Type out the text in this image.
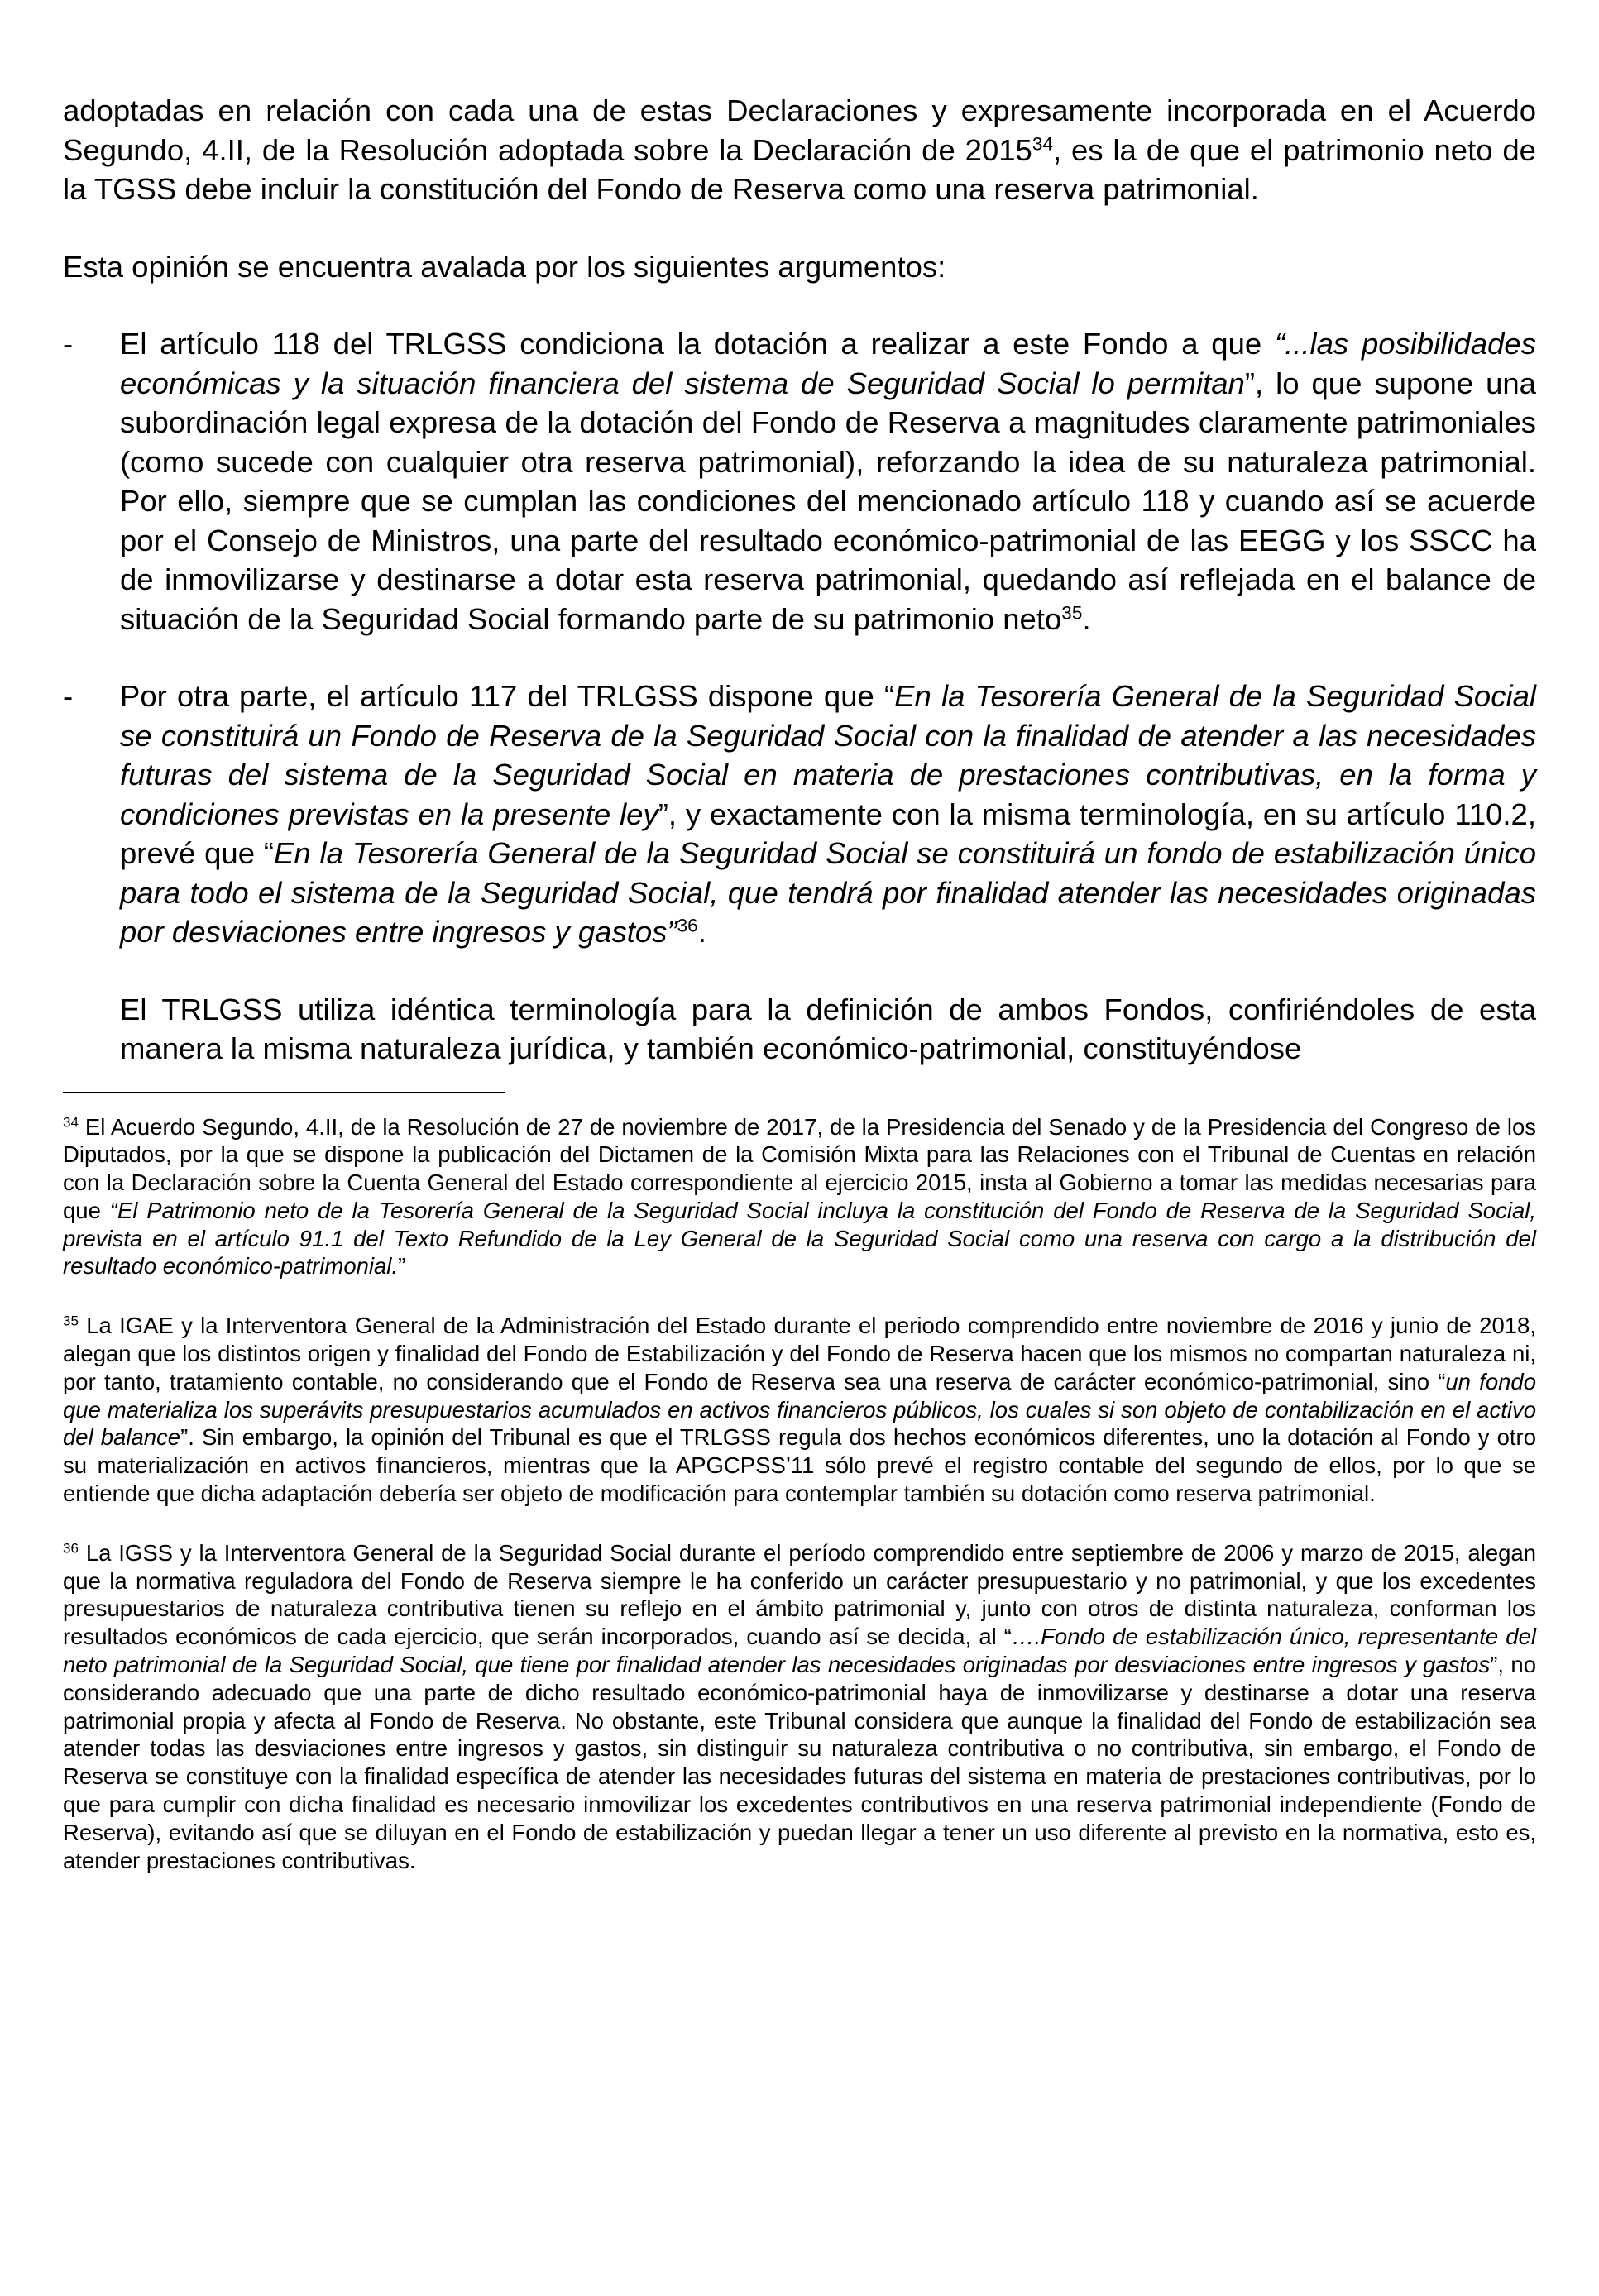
adoptadas en relación con cada una de estas Declaraciones y expresamente incorporada en el Acuerdo Segundo, 4.II, de la Resolución adoptada sobre la Declaración de 2015$^{34}$, es la de que el patrimonio neto de la TGSS debe incluir la constitución del Fondo de Reserva como una reserva patrimonial.

Esta opinión se encuentra avalada por los siguientes argumentos:

-	El artículo 118 del TRLGSS condiciona la dotación a realizar a este Fondo a que “...las posibilidades económicas y la situación financiera del sistema de Seguridad Social lo permitan”, lo que supone una subordinación legal expresa de la dotación del Fondo de Reserva a magnitudes claramente patrimoniales (como sucede con cualquier otra reserva patrimonial), reforzando la idea de su naturaleza patrimonial. Por ello, siempre que se cumplan las condiciones del mencionado artículo 118 y cuando así se acuerde por el Consejo de Ministros, una parte del resultado económico-patrimonial de las EEGG y los SSCC ha de inmovilizarse y destinarse a dotar esta reserva patrimonial, quedando así reflejada en el balance de situación de la Seguridad Social formando parte de su patrimonio neto$^{35}$.

-	Por otra parte, el artículo 117 del TRLGSS dispone que “En la Tesorería General de la Seguridad Social se constituirá un Fondo de Reserva de la Seguridad Social con la finalidad de atender a las necesidades futuras del sistema de la Seguridad Social en materia de prestaciones contributivas, en la forma y condiciones previstas en la presente ley”, y exactamente con la misma terminología, en su artículo 110.2, prevé que “En la Tesorería General de la Seguridad Social se constituirá un fondo de estabilización único para todo el sistema de la Seguridad Social, que tendrá por finalidad atender las necesidades originadas por desviaciones entre ingresos y gastos”$^{36}$.

El TRLGSS utiliza idéntica terminología para la definición de ambos Fondos, confiriéndoles de esta manera la misma naturaleza jurídica, y también económico-patrimonial, constituyéndose

$^{34}$ El Acuerdo Segundo, 4.II, de la Resolución de 27 de noviembre de 2017, de la Presidencia del Senado y de la Presidencia del Congreso de los Diputados, por la que se dispone la publicación del Dictamen de la Comisión Mixta para las Relaciones con el Tribunal de Cuentas en relación con la Declaración sobre la Cuenta General del Estado correspondiente al ejercicio 2015, insta al Gobierno a tomar las medidas necesarias para que “El Patrimonio neto de la Tesorería General de la Seguridad Social incluya la constitución del Fondo de Reserva de la Seguridad Social, prevista en el artículo 91.1 del Texto Refundido de la Ley General de la Seguridad Social como una reserva con cargo a la distribución del resultado económico-patrimonial.”

$^{35}$ La IGAE y la Interventora General de la Administración del Estado durante el periodo comprendido entre noviembre de 2016 y junio de 2018, alegan que los distintos origen y finalidad del Fondo de Estabilización y del Fondo de Reserva hacen que los mismos no compartan naturaleza ni, por tanto, tratamiento contable, no considerando que el Fondo de Reserva sea una reserva de carácter económico-patrimonial, sino “un fondo que materializa los superávits presupuestarios acumulados en activos financieros públicos, los cuales si son objeto de contabilización en el activo del balance”. Sin embargo, la opinión del Tribunal es que el TRLGSS regula dos hechos económicos diferentes, uno la dotación al Fondo y otro su materialización en activos financieros, mientras que la APGCPSS’11 sólo prevé el registro contable del segundo de ellos, por lo que se entiende que dicha adaptación debería ser objeto de modificación para contemplar también su dotación como reserva patrimonial.

$^{36}$ La IGSS y la Interventora General de la Seguridad Social durante el período comprendido entre septiembre de 2006 y marzo de 2015, alegan que la normativa reguladora del Fondo de Reserva siempre le ha conferido un carácter presupuestario y no patrimonial, y que los excedentes presupuestarios de naturaleza contributiva tienen su reflejo en el ámbito patrimonial y, junto con otros de distinta naturaleza, conforman los resultados económicos de cada ejercicio, que serán incorporados, cuando así se decida, al “….Fondo de estabilización único, representante del neto patrimonial de la Seguridad Social, que tiene por finalidad atender las necesidades originadas por desviaciones entre ingresos y gastos”, no considerando adecuado que una parte de dicho resultado económico-patrimonial haya de inmovilizarse y destinarse a dotar una reserva patrimonial propia y afecta al Fondo de Reserva. No obstante, este Tribunal considera que aunque la finalidad del Fondo de estabilización sea atender todas las desviaciones entre ingresos y gastos, sin distinguir su naturaleza contributiva o no contributiva, sin embargo, el Fondo de Reserva se constituye con la finalidad específica de atender las necesidades futuras del sistema en materia de prestaciones contributivas, por lo que para cumplir con dicha finalidad es necesario inmovilizar los excedentes contributivos en una reserva patrimonial independiente (Fondo de Reserva), evitando así que se diluyan en el Fondo de estabilización y puedan llegar a tener un uso diferente al previsto en la normativa, esto es, atender prestaciones contributivas.
